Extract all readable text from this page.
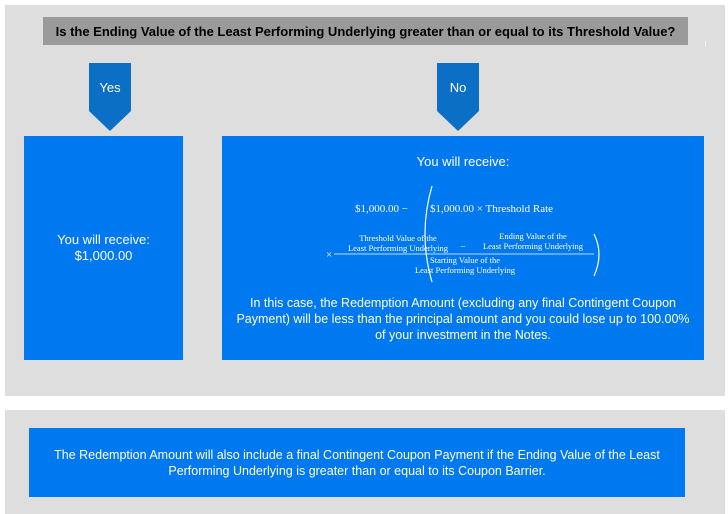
Is the Ending Value of the Least Performing Underlying greater than or equal to its Threshold Value?
Yes	No
You will receive:
$1,000.00
You will receive:
$1,000.00 − $1,000.00 × Threshold Rate
×
Threshold Value of the
Least Performing Underlying −
Ending Value of the
Least Performing Underlying
Starting Value of the
Least Performing Underlying
In this case, the Redemption Amount (excluding any final Contingent Coupon Payment) will be less than the principal amount and you could lose up to 100.00% of your investment in the Notes.
The Redemption Amount will also include a final Contingent Coupon Payment if the Ending Value of the Least Performing Underlying is greater than or equal to its Coupon Barrier.
